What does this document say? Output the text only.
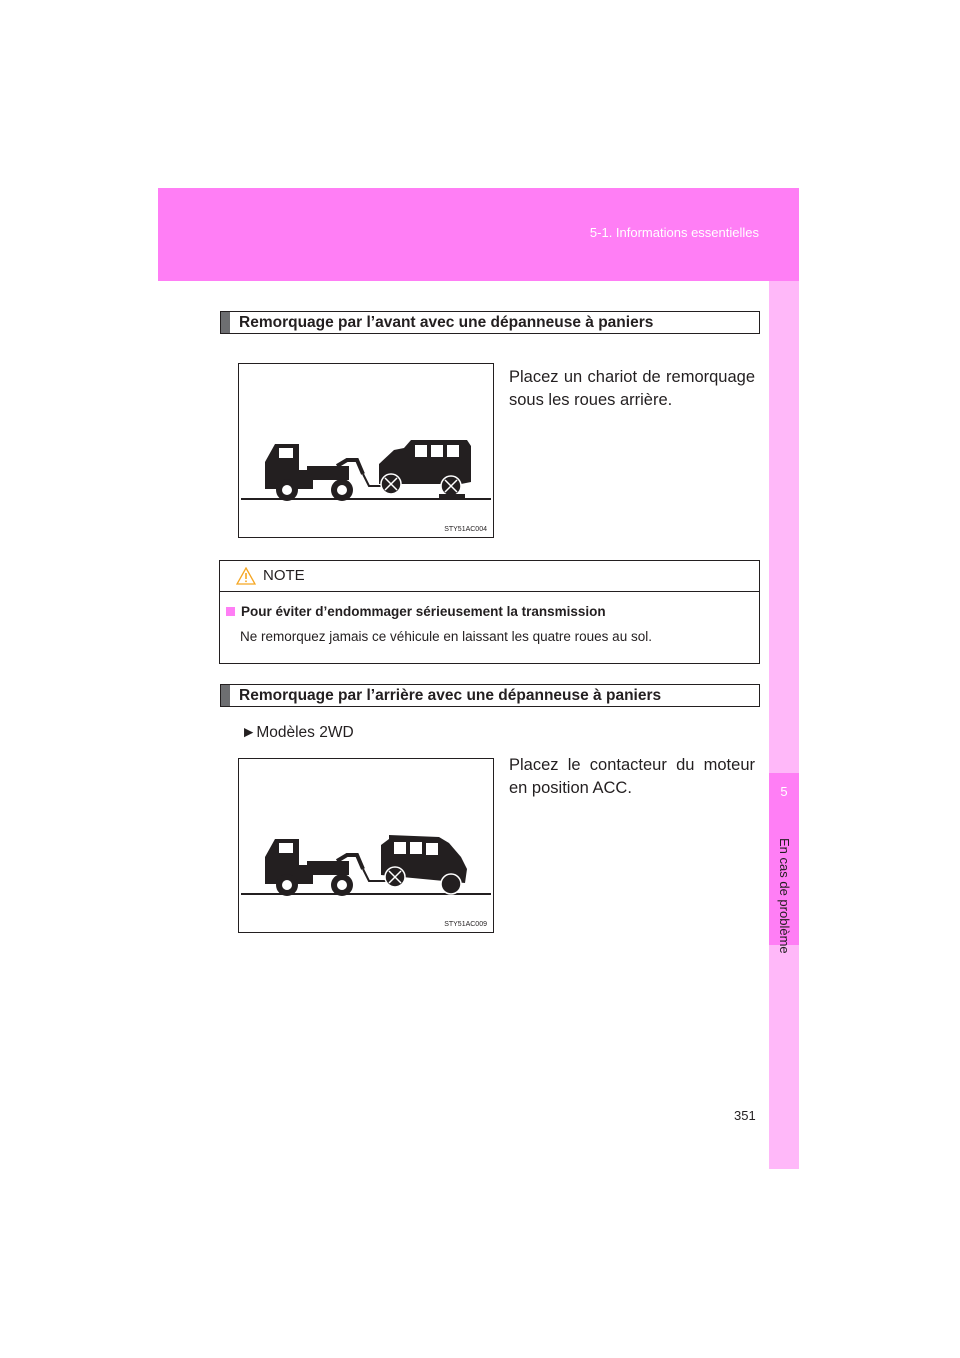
5-1. Informations essentielles
5
En cas de problème
Remorquage par l’avant avec une dépanneuse à paniers
STY51AC004
Placez un chariot de remorquage sous les roues arrière.
NOTE
Pour éviter d’endommager sérieusement la transmission
Ne remorquez jamais ce véhicule en laissant les quatre roues au sol.
Remorquage par l’arrière avec une dépanneuse à paniers
►Modèles 2WD
STY51AC009
Placez le contacteur du moteur en position ACC.
351
